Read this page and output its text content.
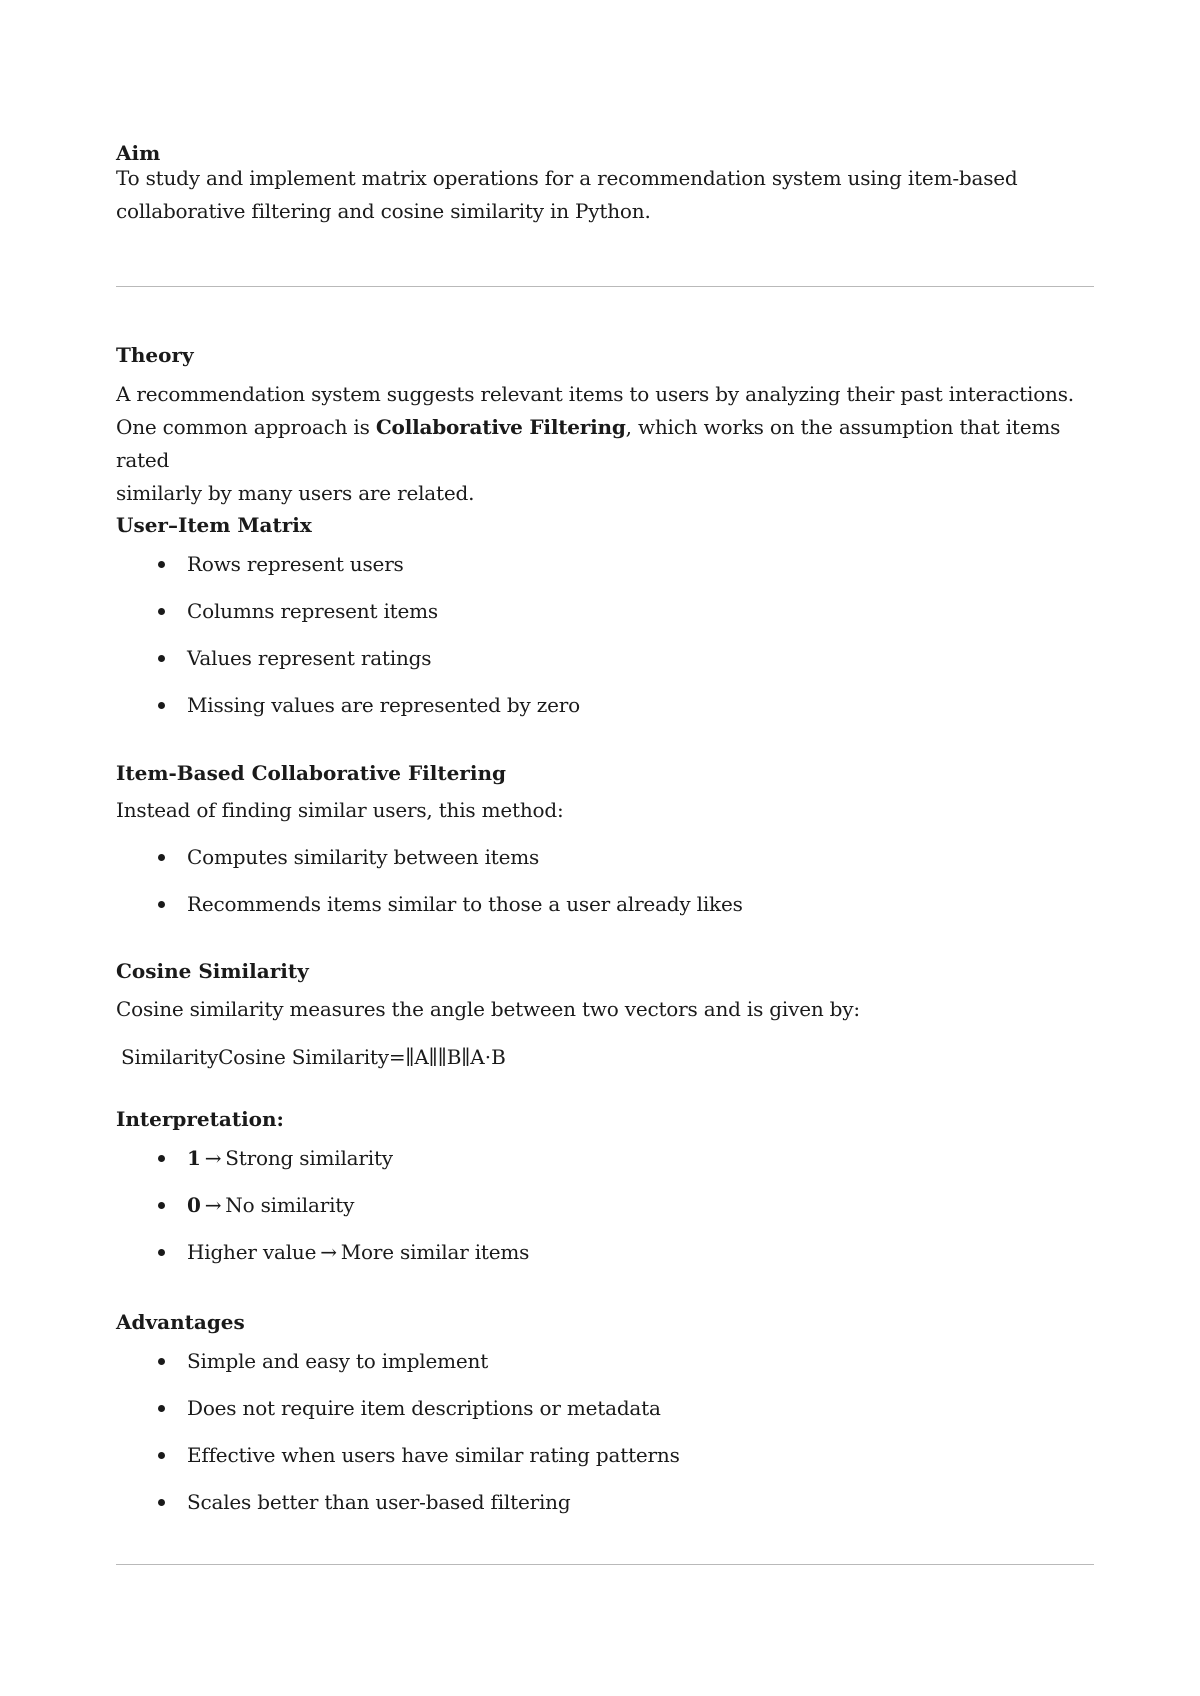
Aim
To study and implement matrix operations for a recommendation system using item-based
collaborative filtering and cosine similarity in Python.
Theory
A recommendation system suggests relevant items to users by analyzing their past interactions.
One common approach is Collaborative Filtering, which works on the assumption that items rated
similarly by many users are related.
User–Item Matrix
Rows represent users
Columns represent items
Values represent ratings
Missing values are represented by zero
Item-Based Collaborative Filtering
Instead of finding similar users, this method:
Computes similarity between items
Recommends items similar to those a user already likes
Cosine Similarity
Cosine similarity measures the angle between two vectors and is given by:
SimilarityCosine Similarity=∥A∥∥B∥A⋅B
Interpretation:
1 → Strong similarity
0 → No similarity
Higher value → More similar items
Advantages
Simple and easy to implement
Does not require item descriptions or metadata
Effective when users have similar rating patterns
Scales better than user-based filtering
